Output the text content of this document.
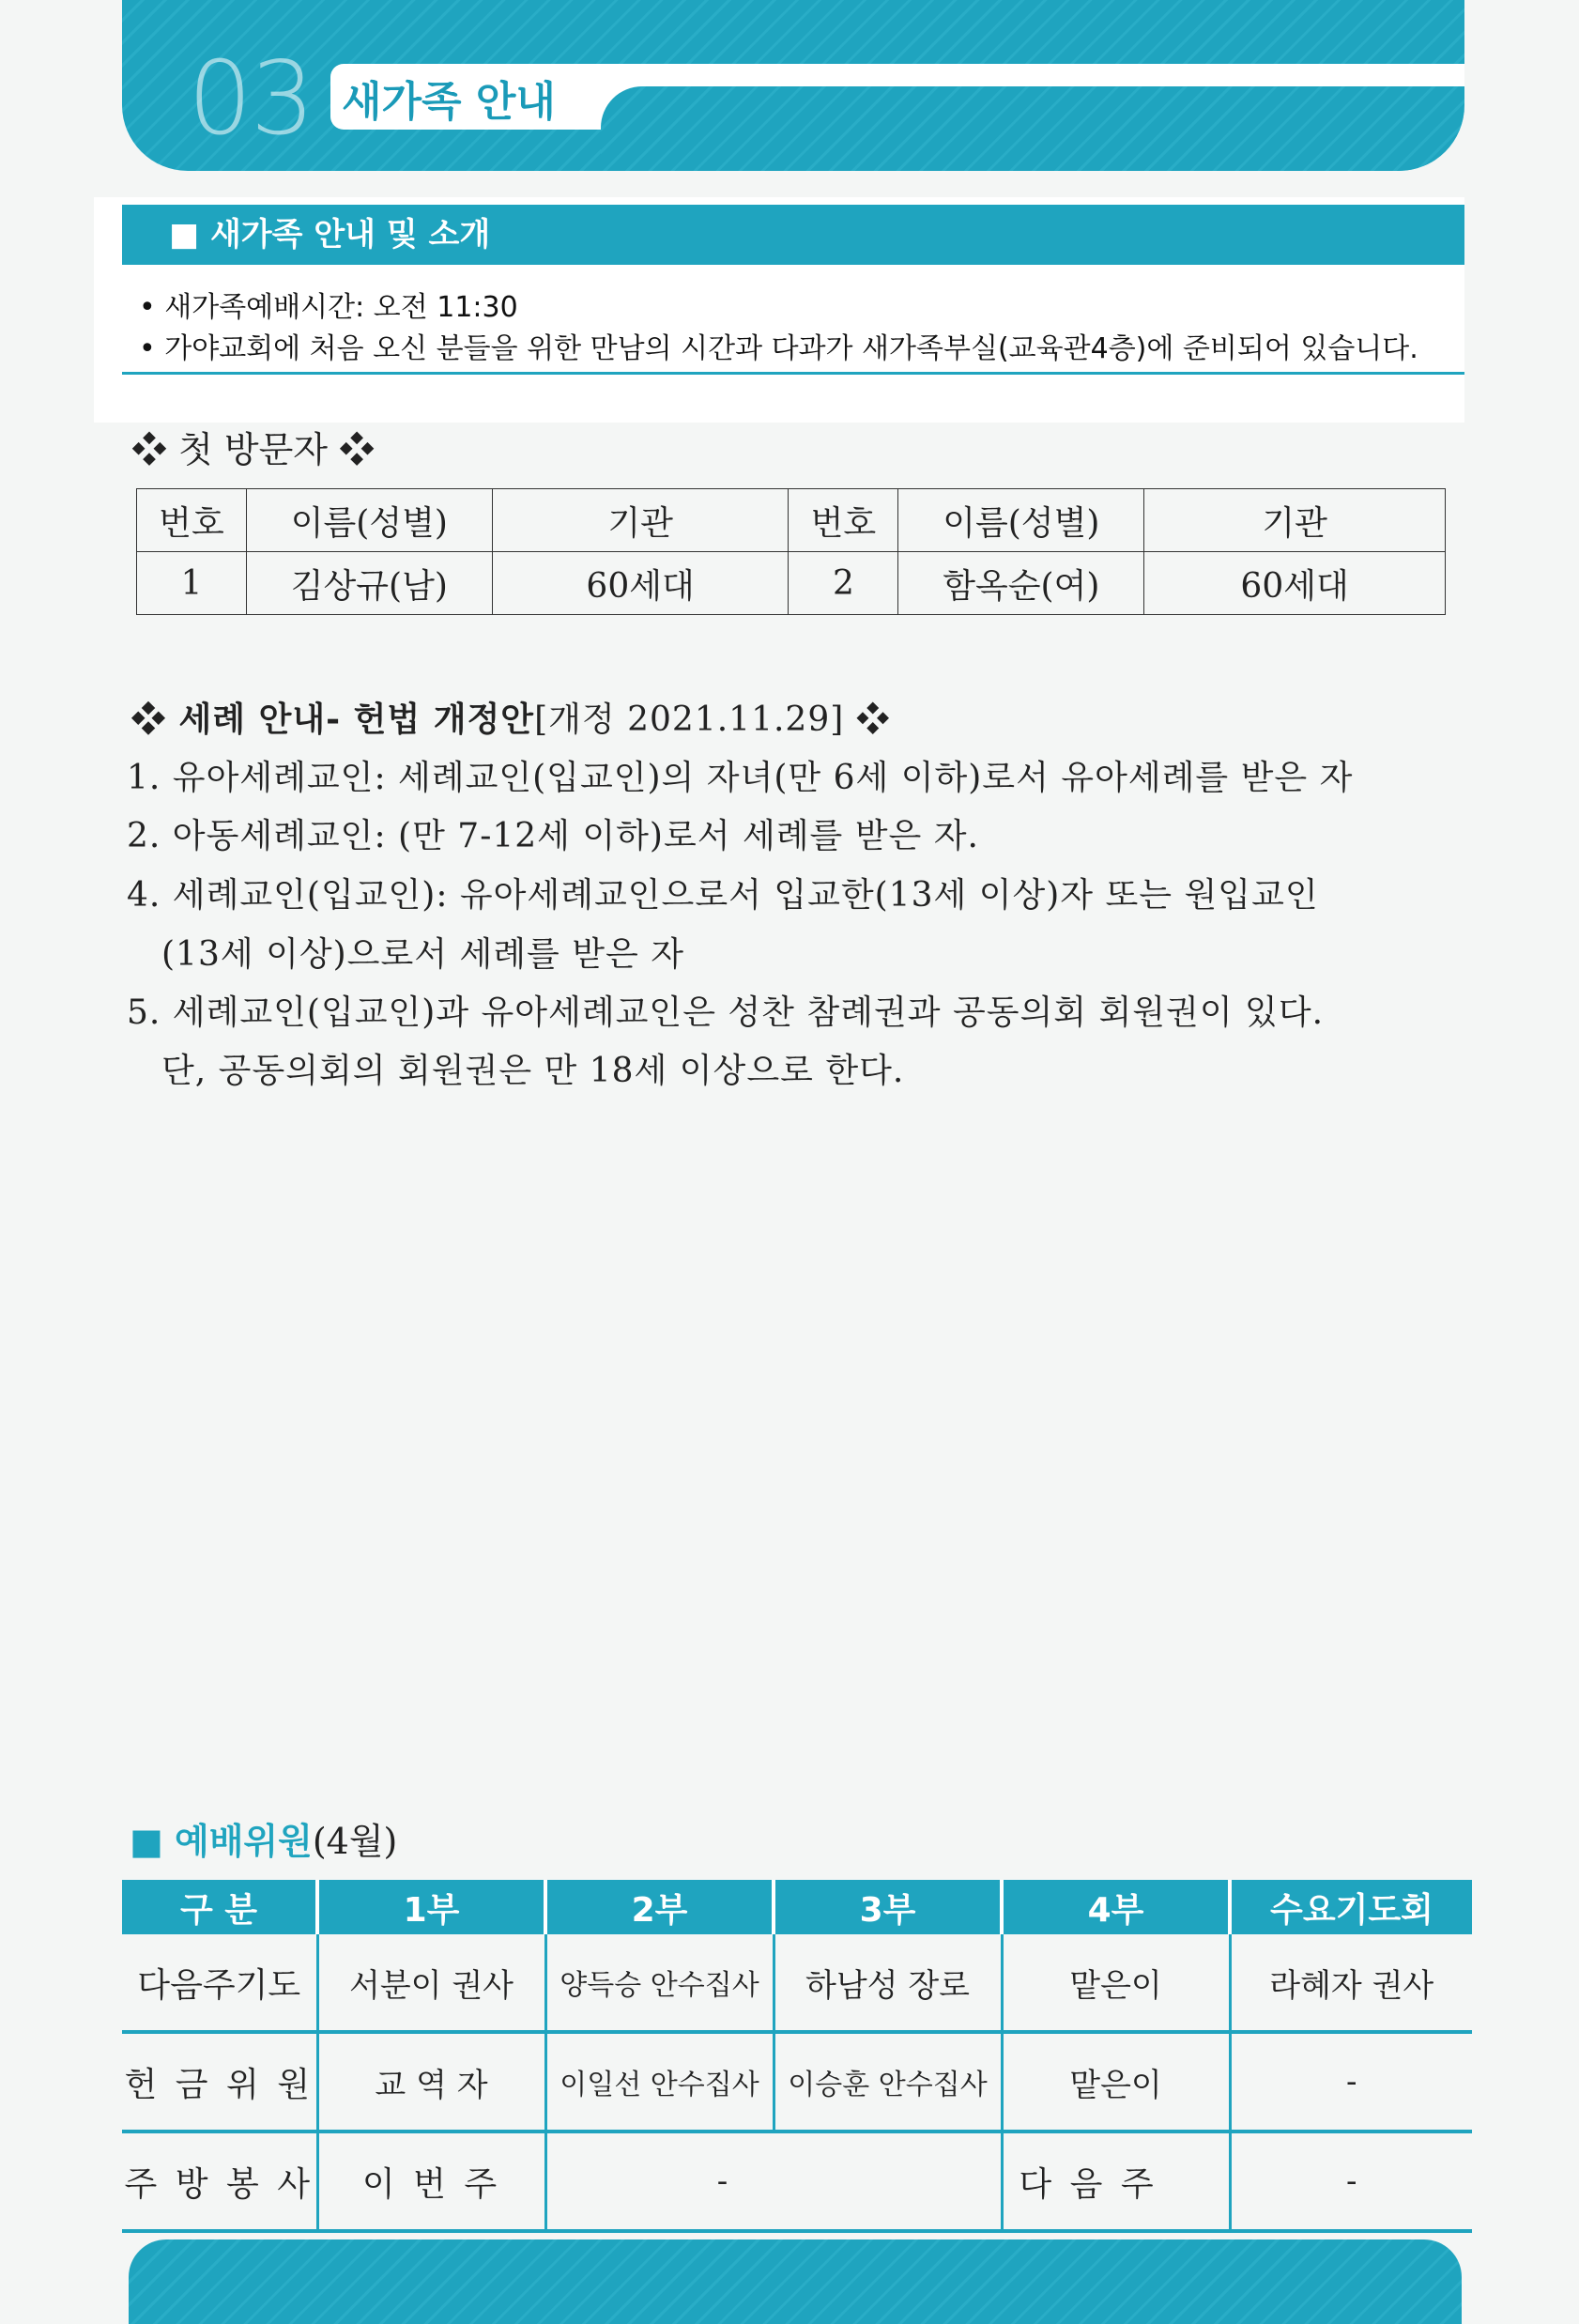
03 새가족 안내
■ 새가족 안내 및 소개
• 새가족예배시간: 오전 11:30
• 가야교회에 처음 오신 분들을 위한 만남의 시간과 다과가 새가족부실(교육관4층)에 준비되어 있습니다.
❖ 첫 방문자 ❖
번호	이름(성별)	기관	번호	이름(성별)	기관
1	김상규(남)	60세대	2	함옥순(여)	60세대
❖ 세례 안내- 헌법 개정안[개정 2021.11.29] ❖
1. 유아세례교인: 세례교인(입교인)의 자녀(만 6세 이하)로서 유아세례를 받은 자
2. 아동세례교인: (만 7-12세 이하)로서 세례를 받은 자.
4. 세례교인(입교인): 유아세례교인으로서 입교한(13세 이상)자 또는 원입교인
(13세 이상)으로서 세례를 받은 자
5. 세례교인(입교인)과 유아세례교인은 성찬 참례권과 공동의회 회원권이 있다.
단, 공동의회의 회원권은 만 18세 이상으로 한다.
■ 예배위원(4월)
구 분	1부	2부	3부	4부	수요기도회
다음주기도	서분이 권사	양득승 안수집사	하남성 장로	맡은이	라혜자 권사
헌 금 위 원	교 역 자	이일선 안수집사	이승훈 안수집사	맡은이	-
주 방 봉 사	이 번 주	-		다 음 주	-
